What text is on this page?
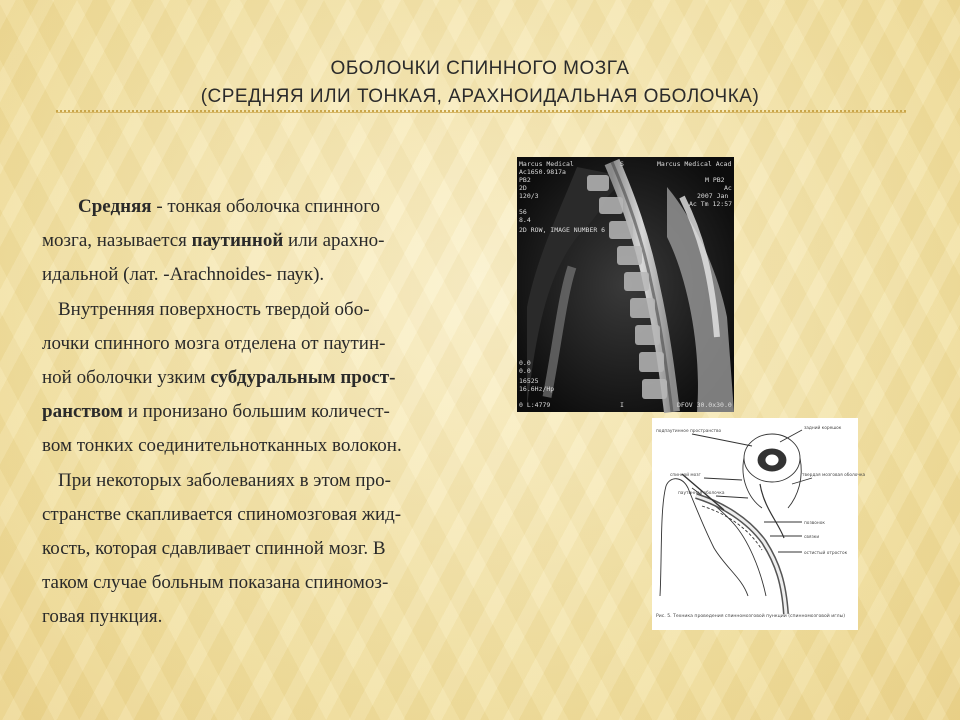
ОБОЛОЧКИ СПИННОГО МОЗГА
(СРЕДНЯЯ ИЛИ ТОНКАЯ, АРАХНОИДАЛЬНАЯ ОБОЛОЧКА)

Средняя - тонкая оболочка спинного
мозга, называется паутинной или арахно-
идальной (лат. -Arachnoides- паук).

Внутренняя поверхность твердой обо-
лочки спинного мозга отделена от паутин-
ной оболочки узким субдуральным прост-
ранством и пронизано большим количест-
вом тонких соединительнотканных волокон.

При некоторых заболеваниях в этом про-
странстве скапливается спиномозговая жид-
кость, которая сдавливает спинной мозг. В
таком случае больным показана спиномоз-
говая пункция.

Marcus Medical
Ac1650.9817a
PB2
2D
120/3
56
8.4
2D ROW, IMAGE NUMBER 6
S	Marcus Medical Acad
M PB2
Ac
2007 Jan
Ac Tm 12:57
0.0
0.0
16525
16.6Hz/Hp
0 L:4779	I	DFOV 30.0x30.0
задний корешок
подпаутинное пространство
твердая мозговая оболочка
спинной мозг
паутинная оболочка
позвонок
связки
остистый отросток
Рис. 5. Техника проведения спинномозговой пункции (спинномозговой иглы)
